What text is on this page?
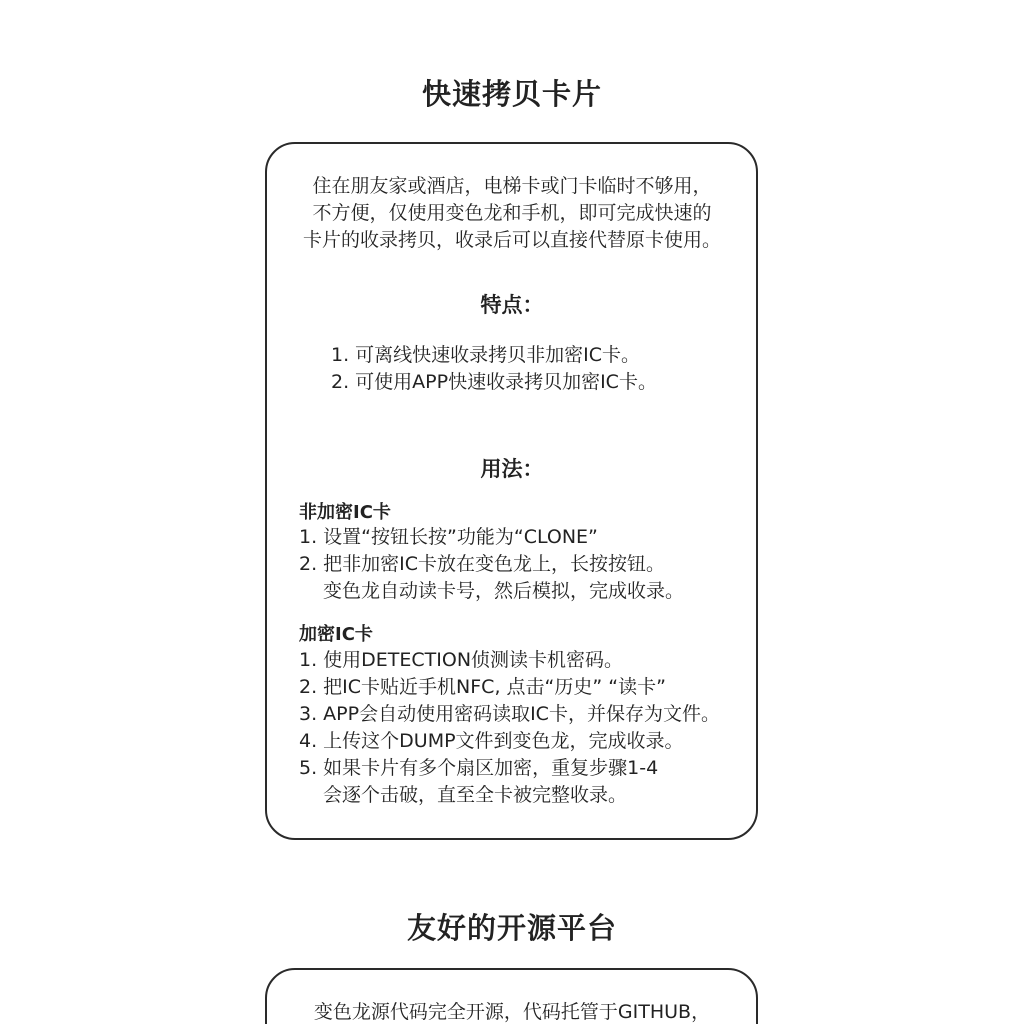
快速拷贝卡片
住在朋友家或酒店，电梯卡或门卡临时不够用，
不方便，仅使用变色龙和手机，即可完成快速的
卡片的收录拷贝，收录后可以直接代替原卡使用。
特点：
1. 可离线快速收录拷贝非加密IC卡。
2. 可使用APP快速收录拷贝加密IC卡。
用法：
非加密IC卡
1. 设置“按钮长按”功能为“CLONE”
2. 把非加密IC卡放在变色龙上，长按按钮。
变色龙自动读卡号，然后模拟，完成收录。
加密IC卡
1. 使用DETECTION侦测读卡机密码。
2. 把IC卡贴近手机NFC, 点击“历史” “读卡”
3. APP会自动使用密码读取IC卡，并保存为文件。
4. 上传这个DUMP文件到变色龙，完成收录。
5. 如果卡片有多个扇区加密，重复步骤1-4
会逐个击破，直至全卡被完整收录。
友好的开源平台
变色龙源代码完全开源，代码托管于GITHUB，
